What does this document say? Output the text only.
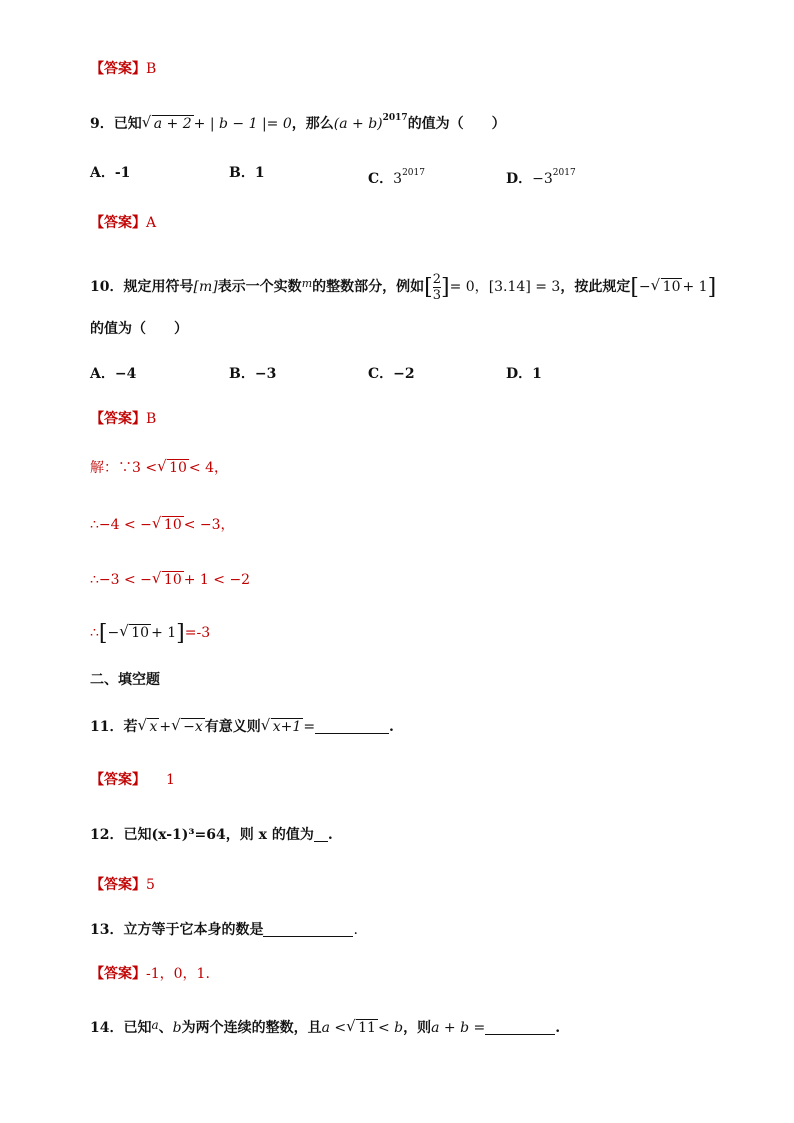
【答案】B
9．已知 √ a + 2 + | b − 1 |= 0，那么$(a + b)^{2017}$的值为（　　）
A．-1	B．1	C．$3^{2017}$	D．$-3^{2017}$
【答案】A
10．规定用符号[m]表示一个实数$^m$的整数部分，例如[ $\frac{2}{3}$ ]= 0，[3.14] = 3，按此规定[− √ 10 + 1]
的值为（　　）
A．−4	B．−3	C．−2	D．1
【答案】B
解：∵3 < √ 10 < 4，
∴−4 < − √ 10 < −3，
∴−3 < − √ 10 + 1 < −2
∴[− √ 10 + 1]=-3
二、填空题
11．若 √ x + √ −x 有意义则 √ x+1 =	.
【答案】 1
12．已知(x-1)³=64，则 x 的值为 .
【答案】5
13．立方等于它本身的数是	.
【答案】-1，0，1.
14．已知a、b为两个连续的整数，且a < √ 11 < b，则a + b =	.
